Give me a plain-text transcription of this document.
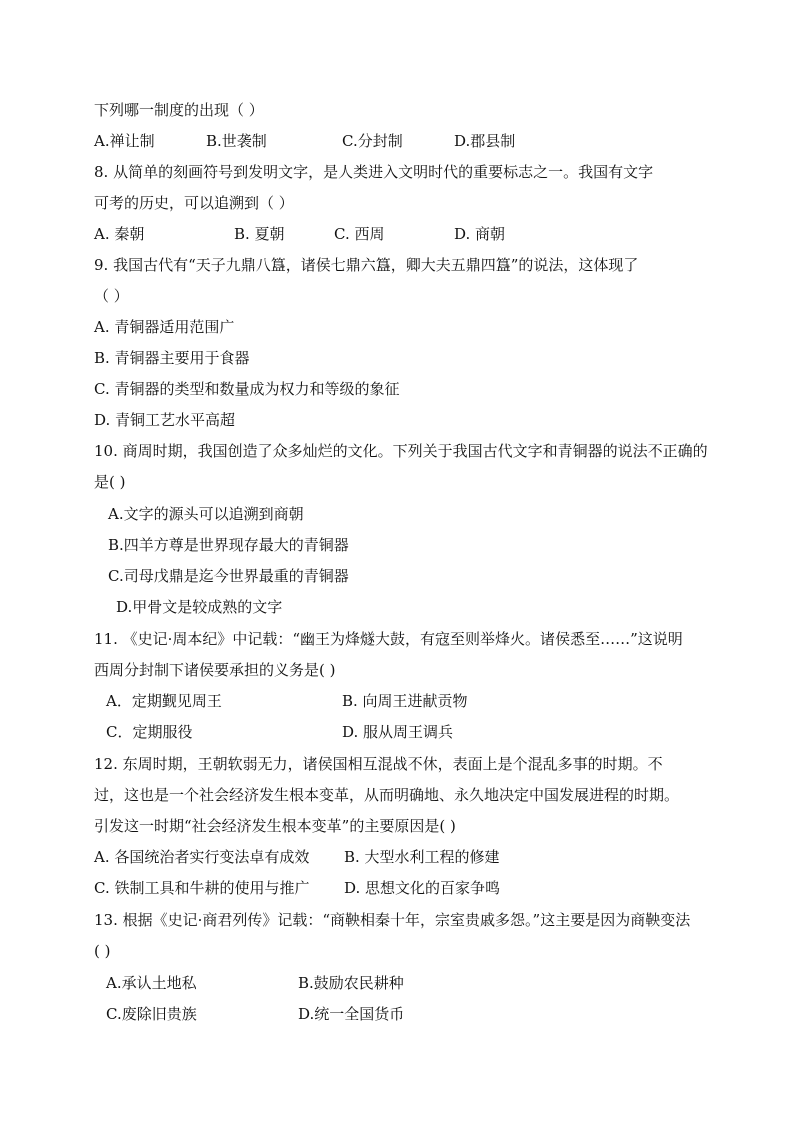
下列哪一制度的出现（ ）
A.禅让制	B.世袭制	C.分封制	D.郡县制
8. 从简单的刻画符号到发明文字，是人类进入文明时代的重要标志之一。我国有文字
可考的历史，可以追溯到（ ）
A. 秦朝	B. 夏朝	C. 西周	D. 商朝
9. 我国古代有“天子九鼎八簋，诸侯七鼎六簋，卿大夫五鼎四簋”的说法，这体现了
（ ）
A. 青铜器适用范围广
B. 青铜器主要用于食器
C. 青铜器的类型和数量成为权力和等级的象征
D. 青铜工艺水平高超
10. 商周时期，我国创造了众多灿烂的文化。下列关于我国古代文字和青铜器的说法不正确的
是( )
A.文字的源头可以追溯到商朝
B.四羊方尊是世界现存最大的青铜器
C.司母戊鼎是迄今世界最重的青铜器
D.甲骨文是较成熟的文字
11. 《史记·周本纪》中记载：“幽王为烽燧大鼓，有寇至则举烽火。诸侯悉至……”这说明
西周分封制下诸侯要承担的义务是( )
A．定期觐见周王	B. 向周王进献贡物
C．定期服役	D. 服从周王调兵
12. 东周时期，王朝软弱无力，诸侯国相互混战不休，表面上是个混乱多事的时期。不
过，这也是一个社会经济发生根本变革，从而明确地、永久地决定中国发展进程的时期。
引发这一时期“社会经济发生根本变革”的主要原因是( )
A. 各国统治者实行变法卓有成效 B. 大型水利工程的修建
C. 铁制工具和牛耕的使用与推广 D. 思想文化的百家争鸣
13. 根据《史记·商君列传》记载：“商鞅相秦十年，宗室贵戚多怨。”这主要是因为商鞅变法
( )
A.承认土地私	B.鼓励农民耕种
C.废除旧贵族	D.统一全国货币
